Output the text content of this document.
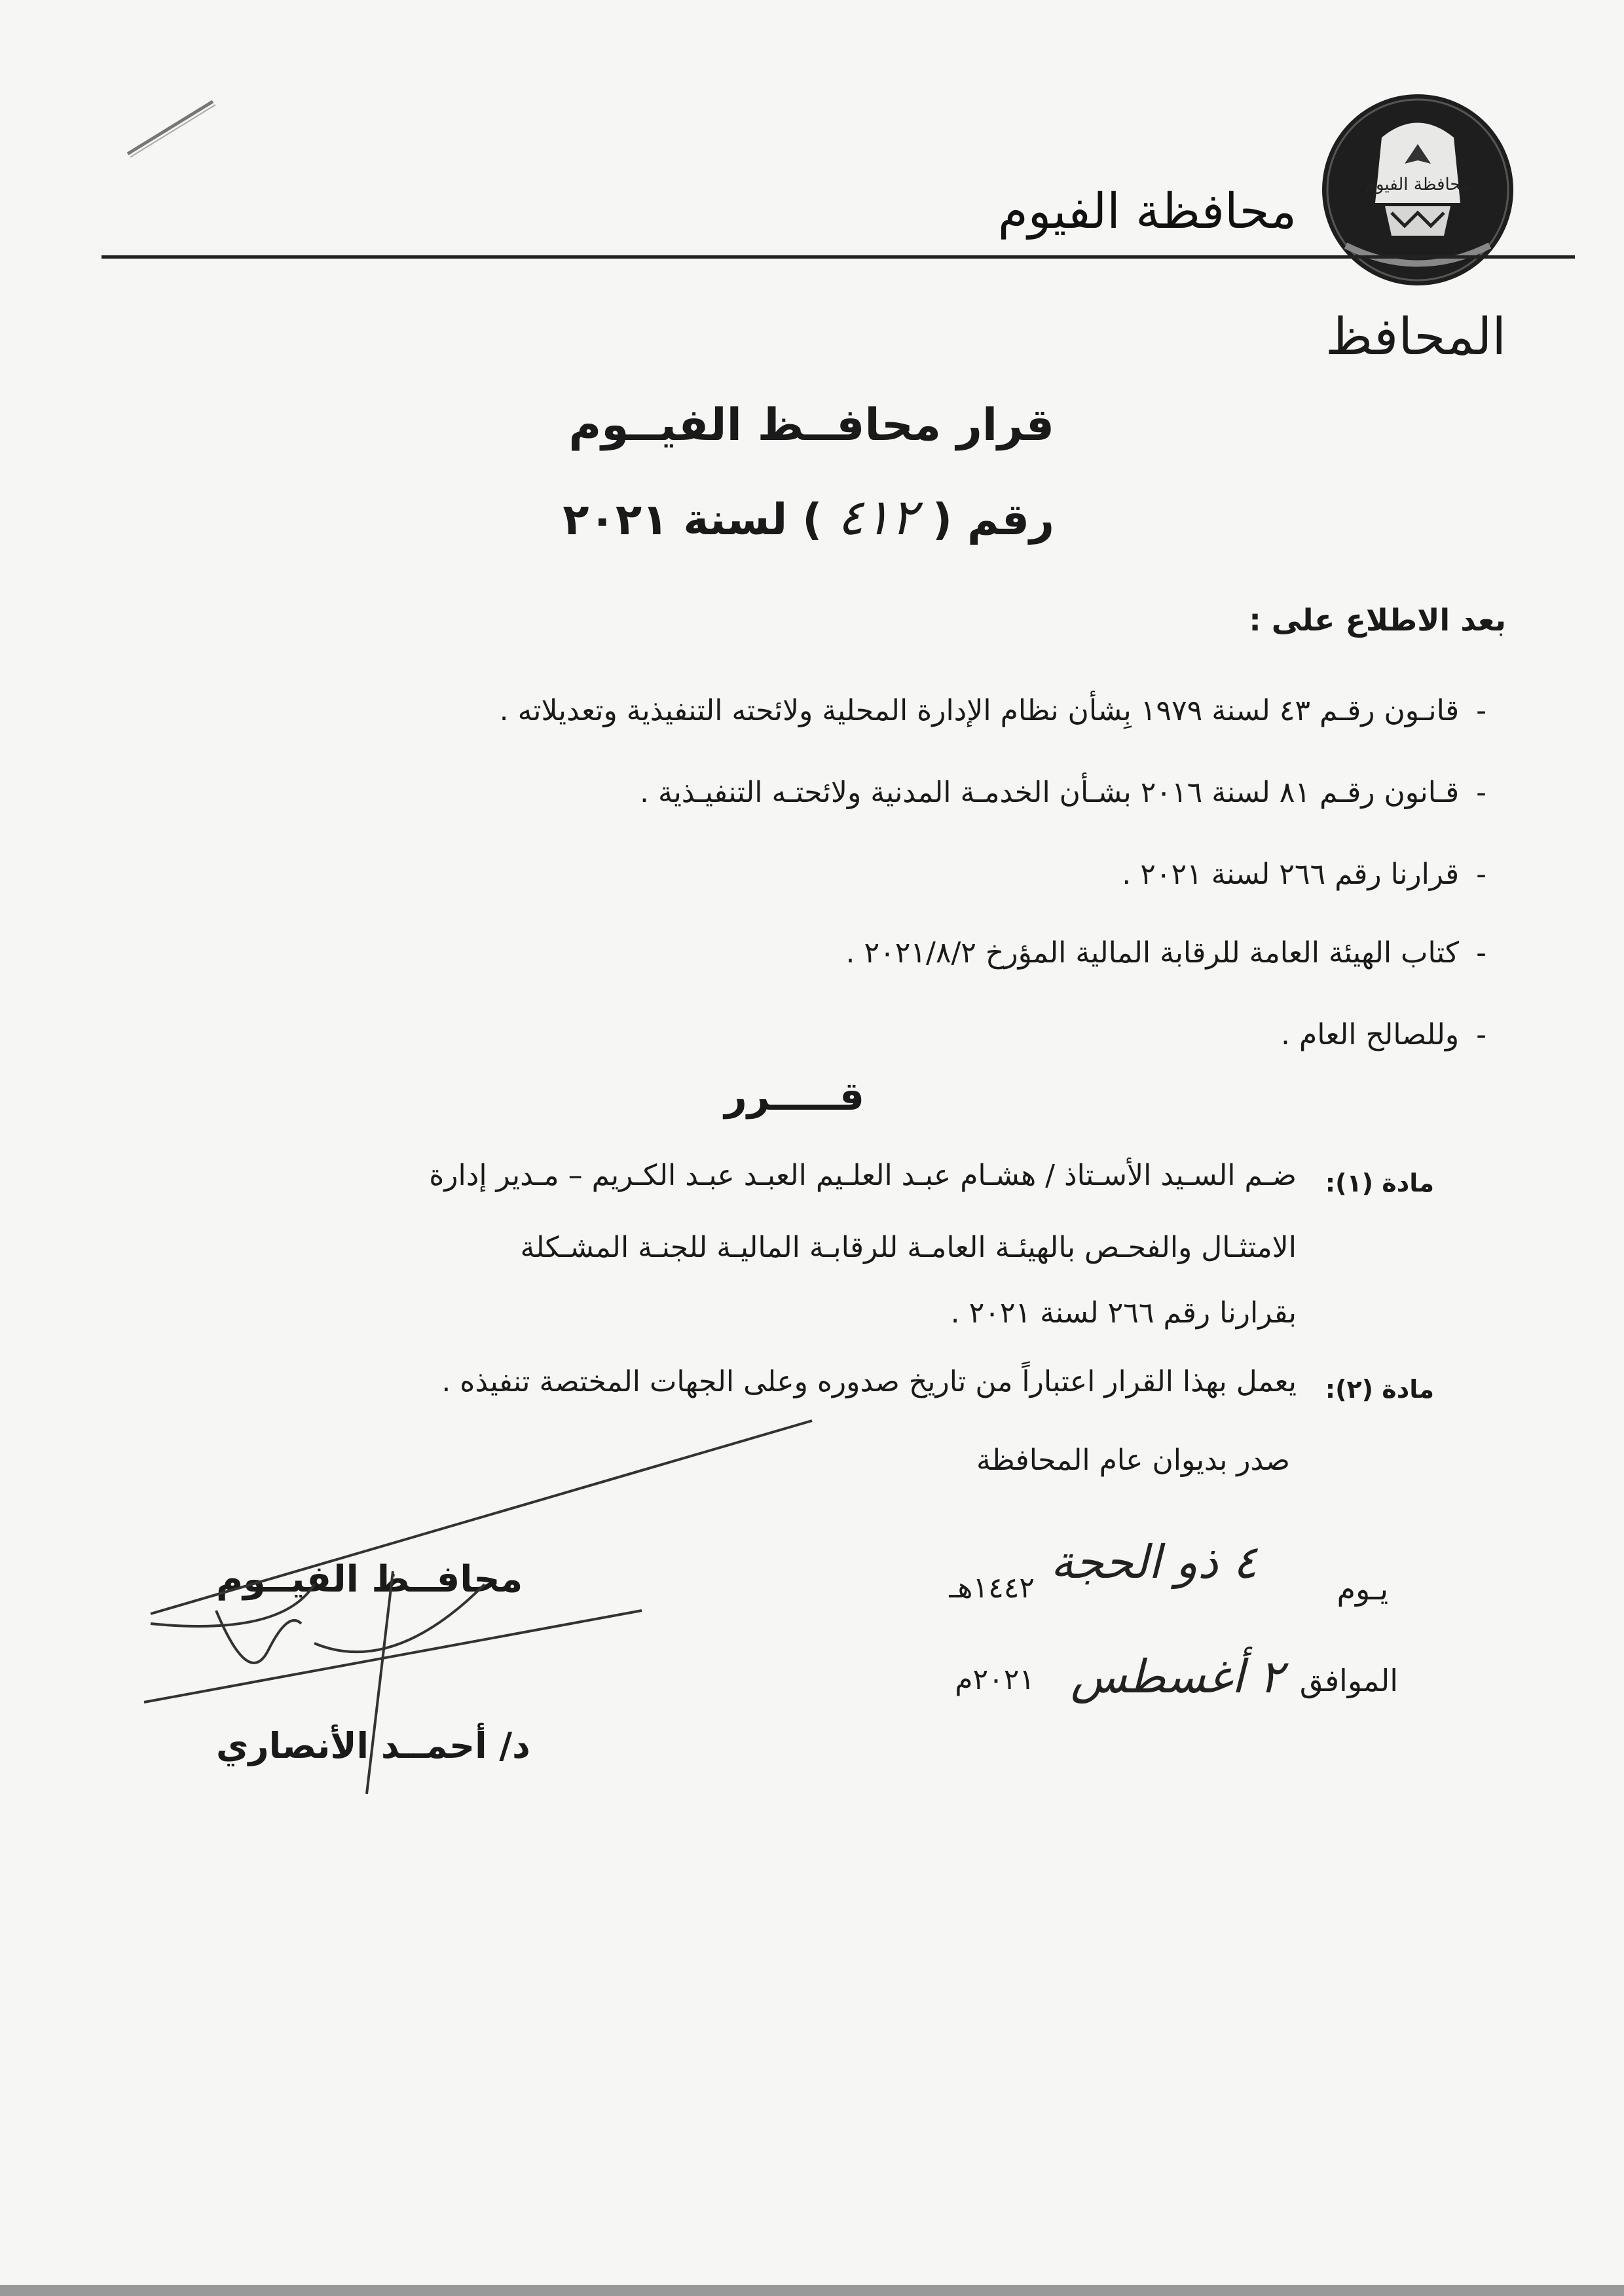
محافظة الفيوم
محافظة الفيوم
المحافظ
قرار محافــظ الفيــوم
رقم ( ٤١٢ ) لسنة ٢٠٢١
بعد الاطلاع على :
-قانـون رقـم ٤٣ لسنة ١٩٧٩ بِشأن نظام الإدارة المحلية ولائحته التنفيذية وتعديلاته .
-قـانون رقـم ٨١ لسنة ٢٠١٦ بشـأن الخدمـة المدنية ولائحتـه التنفيـذية .
-قرارنا رقم ٢٦٦ لسنة ٢٠٢١ .
-كتاب الهيئة العامة للرقابة المالية المؤرخ ٢٠٢١/٨/٢ .
-وللصالح العام .
قـــــرر
مادة (١):
ضـم السـيد الأسـتاذ / هشـام عبـد العلـيم العبـد عبـد الكـريم – مـدير إدارة
الامتثـال والفحـص بالهيئـة العامـة للرقابـة الماليـة للجنـة المشـكلة
بقرارنا رقم ٢٦٦ لسنة ٢٠٢١ .
مادة (٢):
يعمل بهذا القرار اعتباراً من تاريخ صدوره وعلى الجهات المختصة تنفيذه .
صدر بديوان عام المحافظة
يـوم
٤ ذو الحجة
١٤٤٢هـ
الموافق
٢ أغسطس
٢٠٢١م
محافــظ الفيــوم
د/ أحمــد الأنصاري
